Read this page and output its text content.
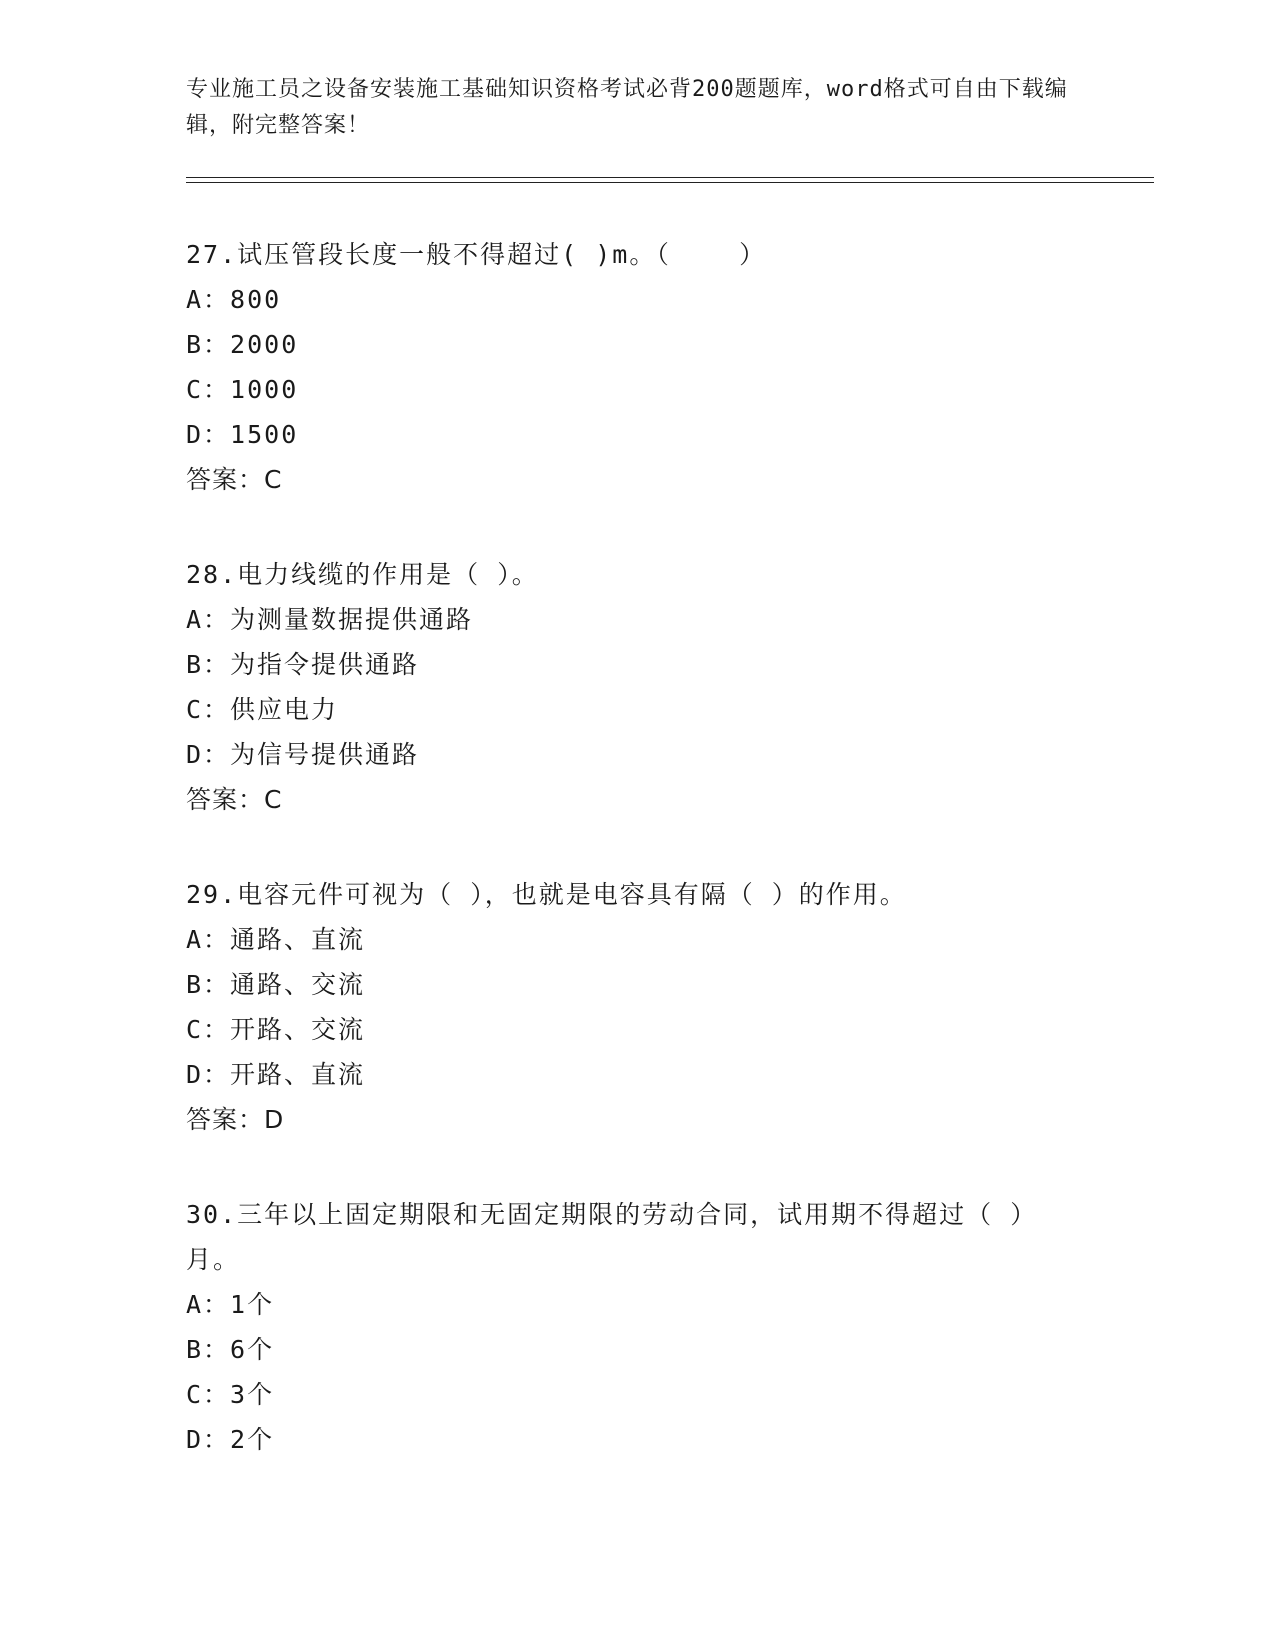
专业施工员之设备安装施工基础知识资格考试必背200题题库，word格式可自由下载编辑，附完整答案！
27.试压管段长度一般不得超过( )m。（    ）
A：800
B：2000
C：1000
D：1500
答案：C
28.电力线缆的作用是（ ）。
A：为测量数据提供通路
B：为指令提供通路
C：供应电力
D：为信号提供通路
答案：C
29.电容元件可视为（ ），也就是电容具有隔（ ）的作用。
A：通路、直流
B：通路、交流
C：开路、交流
D：开路、直流
答案：D
30.三年以上固定期限和无固定期限的劳动合同，试用期不得超过（ ）月。
A：1个
B：6个
C：3个
D：2个
